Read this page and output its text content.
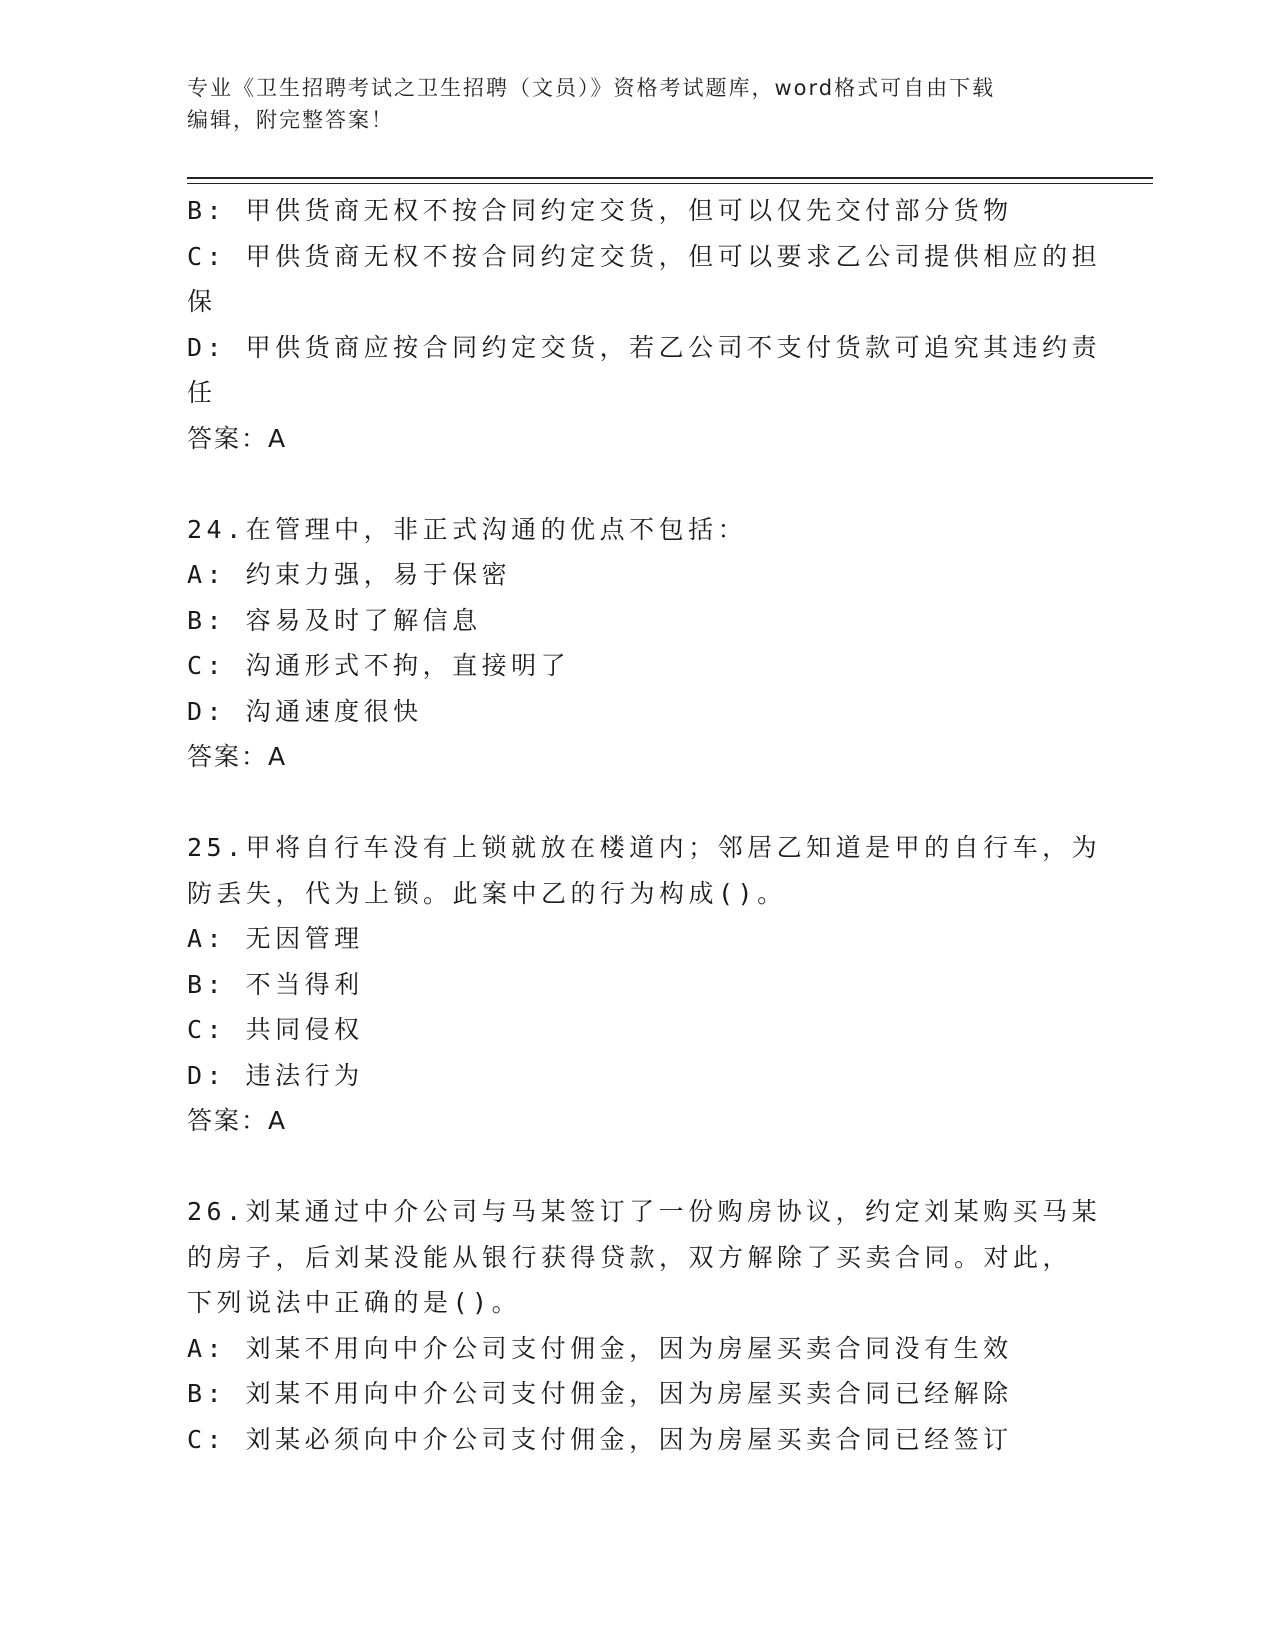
专业《卫生招聘考试之卫生招聘（文员）》资格考试题库，word格式可自由下载
编辑，附完整答案！
B: 甲供货商无权不按合同约定交货，但可以仅先交付部分货物
C: 甲供货商无权不按合同约定交货，但可以要求乙公司提供相应的担
保
D: 甲供货商应按合同约定交货，若乙公司不支付货款可追究其违约责
任
答案：A
24.在管理中，非正式沟通的优点不包括：
A: 约束力强，易于保密
B: 容易及时了解信息
C: 沟通形式不拘，直接明了
D: 沟通速度很快
答案：A
25.甲将自行车没有上锁就放在楼道内；邻居乙知道是甲的自行车，为
防丢失，代为上锁。此案中乙的行为构成()。
A: 无因管理
B: 不当得利
C: 共同侵权
D: 违法行为
答案：A
26.刘某通过中介公司与马某签订了一份购房协议，约定刘某购买马某
的房子，后刘某没能从银行获得贷款，双方解除了买卖合同。对此，
下列说法中正确的是()。
A: 刘某不用向中介公司支付佣金，因为房屋买卖合同没有生效
B: 刘某不用向中介公司支付佣金，因为房屋买卖合同已经解除
C: 刘某必须向中介公司支付佣金，因为房屋买卖合同已经签订
